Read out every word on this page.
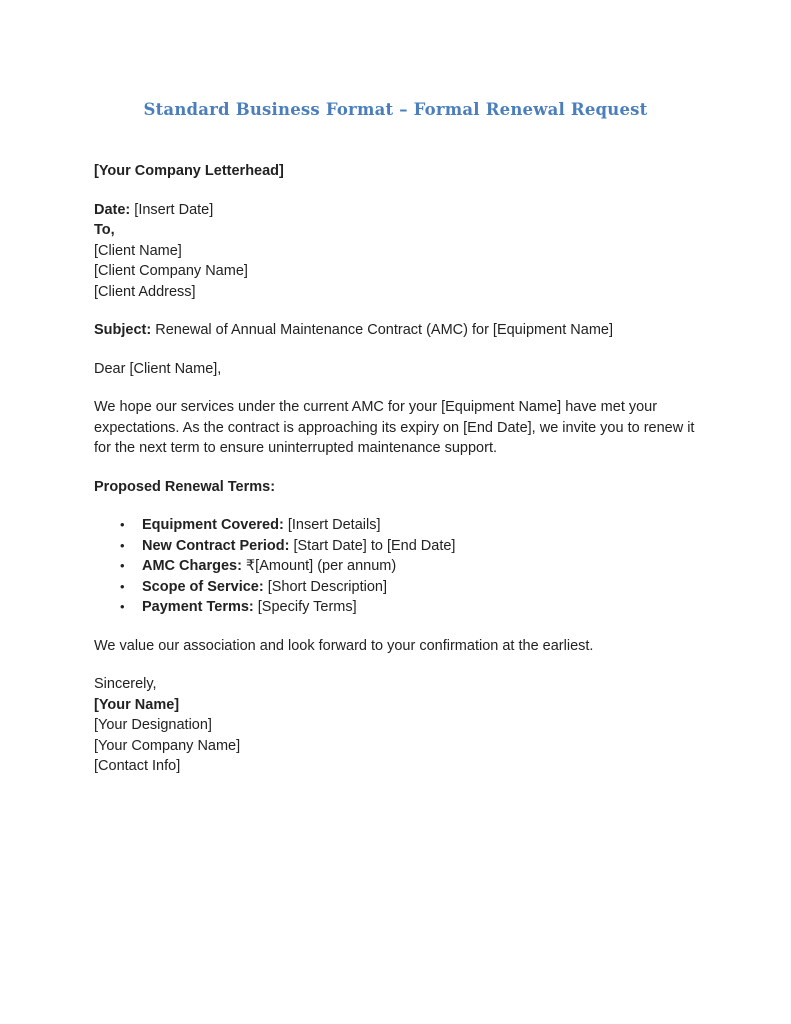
Standard Business Format – Formal Renewal Request
[Your Company Letterhead]
Date: [Insert Date]
To,
[Client Name]
[Client Company Name]
[Client Address]
Subject: Renewal of Annual Maintenance Contract (AMC) for [Equipment Name]
Dear [Client Name],
We hope our services under the current AMC for your [Equipment Name] have met your expectations. As the contract is approaching its expiry on [End Date], we invite you to renew it for the next term to ensure uninterrupted maintenance support.
Proposed Renewal Terms:
• Equipment Covered: [Insert Details]
• New Contract Period: [Start Date] to [End Date]
• AMC Charges: ₹[Amount] (per annum)
• Scope of Service: [Short Description]
• Payment Terms: [Specify Terms]
We value our association and look forward to your confirmation at the earliest.
Sincerely,
[Your Name]
[Your Designation]
[Your Company Name]
[Contact Info]
